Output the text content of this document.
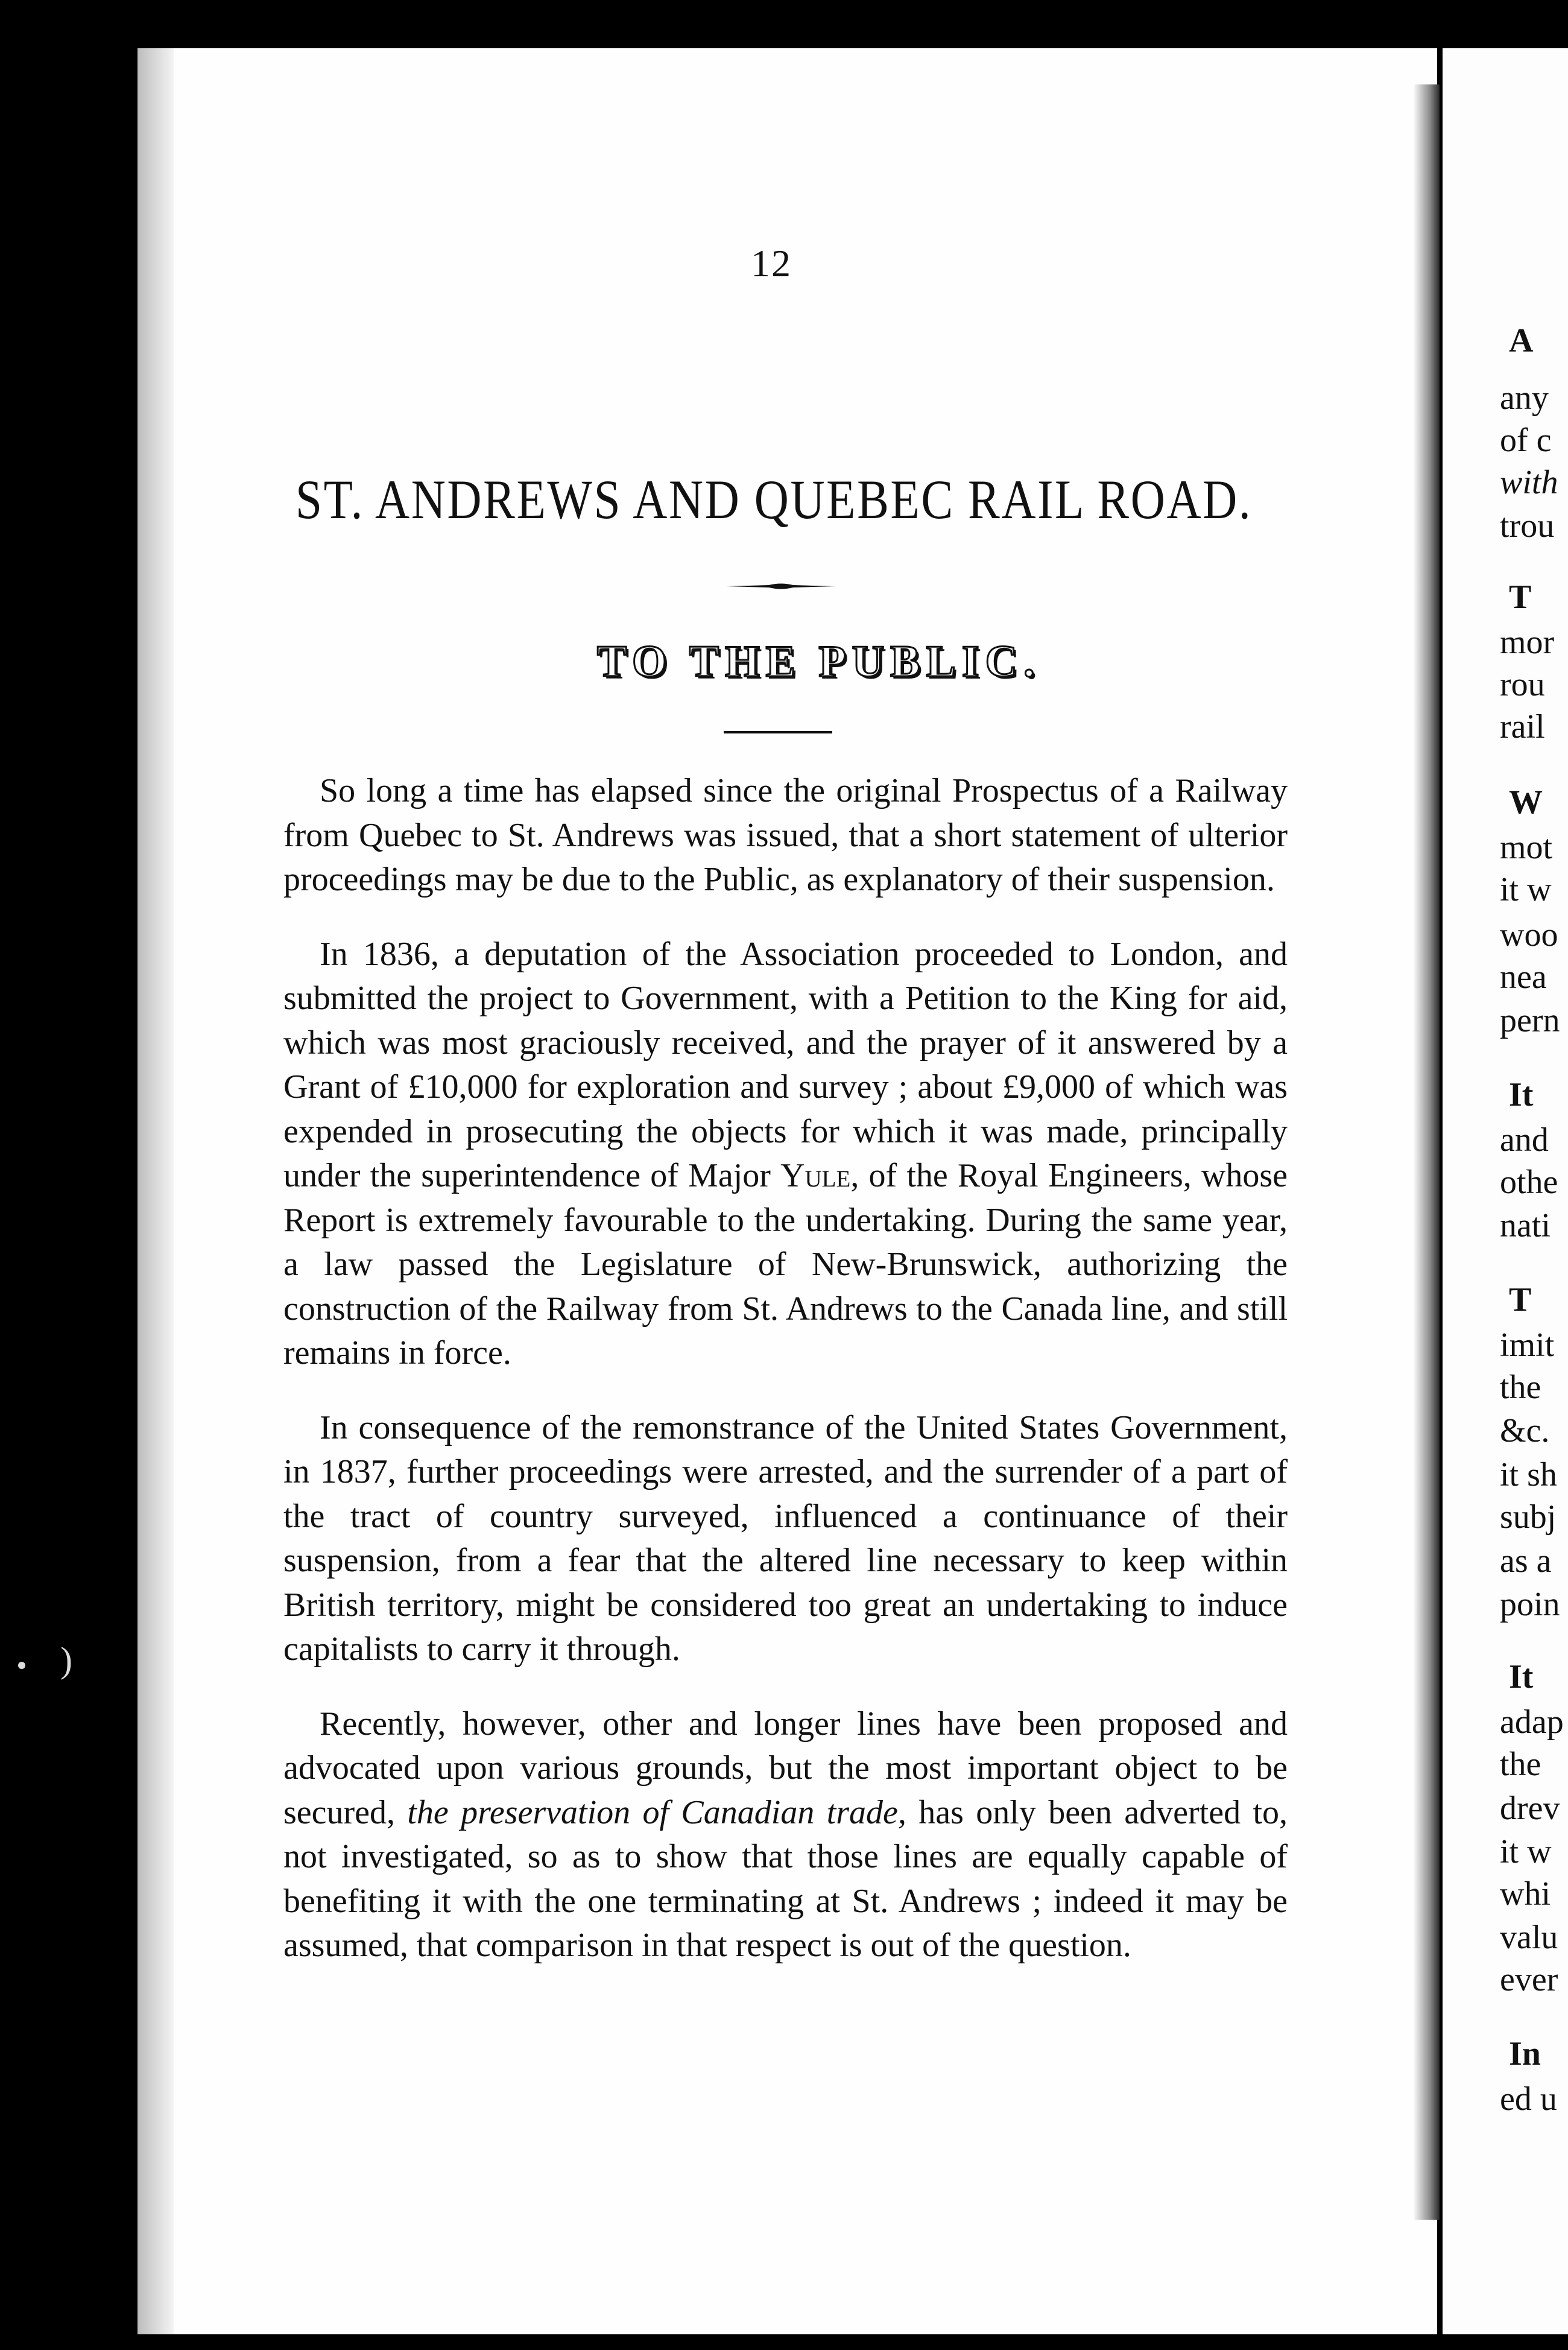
12
ST. ANDREWS AND QUEBEC RAIL ROAD.
TO THE PUBLIC.

So long a time has elapsed since the original Prospectus of a Railway from Quebec to St. Andrews was issued, that a short statement of ulterior proceedings may be due to the Public, as explanatory of their suspension.

In 1836, a deputation of the Association proceeded to London, and submitted the project to Government, with a Petition to the King for aid, which was most graciously received, and the prayer of it answered by a Grant of £10,000 for exploration and survey ; about £9,000 of which was expended in prosecuting the objects for which it was made, principally under the superintendence of Major Yule, of the Royal Engineers, whose Report is extremely favourable to the undertaking. During the same year, a law passed the Legislature of New-Brunswick, authorizing the construction of the Railway from St. Andrews to the Canada line, and still remains in force.

In consequence of the remonstrance of the United States Government, in 1837, further proceedings were arrested, and the surrender of a part of the tract of country surveyed, influenced a continuance of their suspension, from a fear that the altered line necessary to keep within British territory, might be considered too great an undertaking to induce capitalists to carry it through.

Recently, however, other and longer lines have been proposed and advocated upon various grounds, but the most important object to be secured, the preservation of Canadian trade, has only been adverted to, not investigated, so as to show that those lines are equally capable of benefiting it with the one terminating at St. Andrews ; indeed it may be assumed, that comparison in that respect is out of the question.

A
any
of c
with
trou
T
mor
rou
rail
W
mot
it w
woo
nea
pern
It
and
othe
nati
T
imit
the
&c.
it sh
subj
as a
poin
It
adap
the
drev
it w
whi
valu
ever
In
ed u
)
